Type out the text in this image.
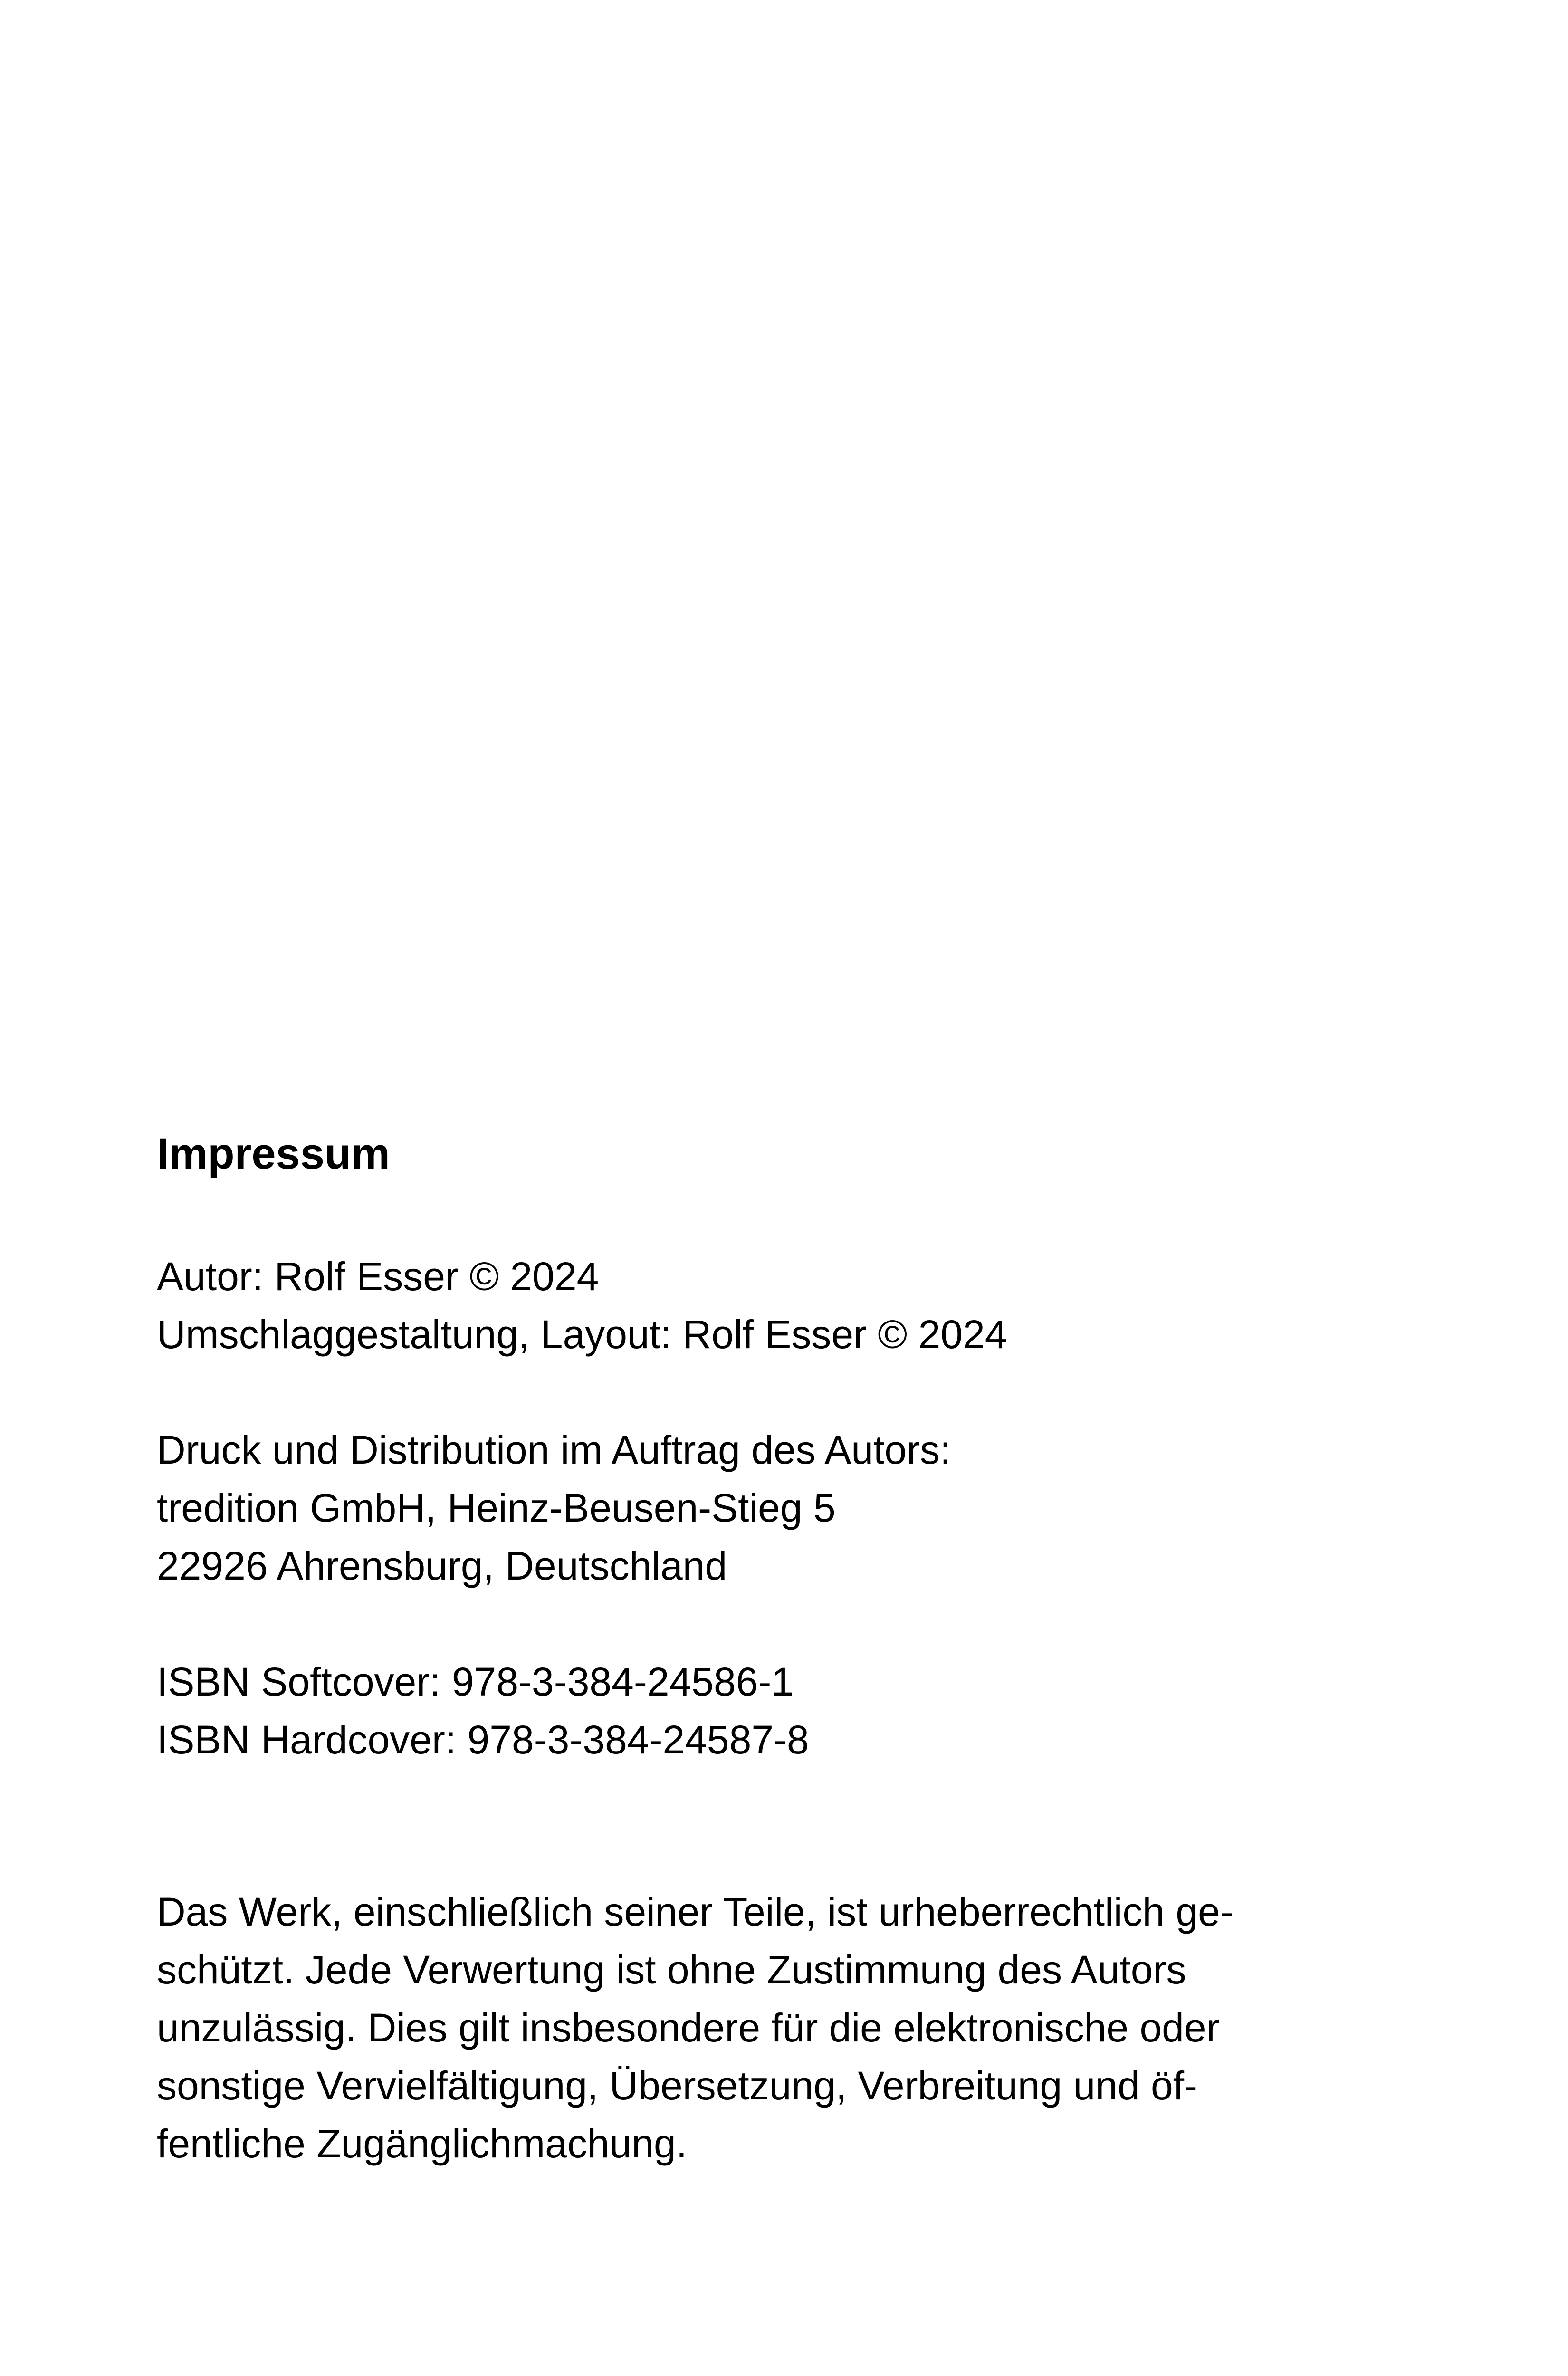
Impressum
Autor: Rolf Esser © 2024
Umschlaggestaltung, Layout: Rolf Esser © 2024
Druck und Distribution im Auftrag des Autors:
tredition GmbH, Heinz-Beusen-Stieg 5
22926 Ahrensburg, Deutschland
ISBN Softcover: 978-3-384-24586-1
ISBN Hardcover: 978-3-384-24587-8
Das Werk, einschließlich seiner Teile, ist urheberrechtlich ge-
schützt. Jede Verwertung ist ohne Zustimmung des Autors
unzulässig. Dies gilt insbesondere für die elektronische oder
sonstige Vervielfältigung, Übersetzung, Verbreitung und öf-
fentliche Zugänglichmachung.
